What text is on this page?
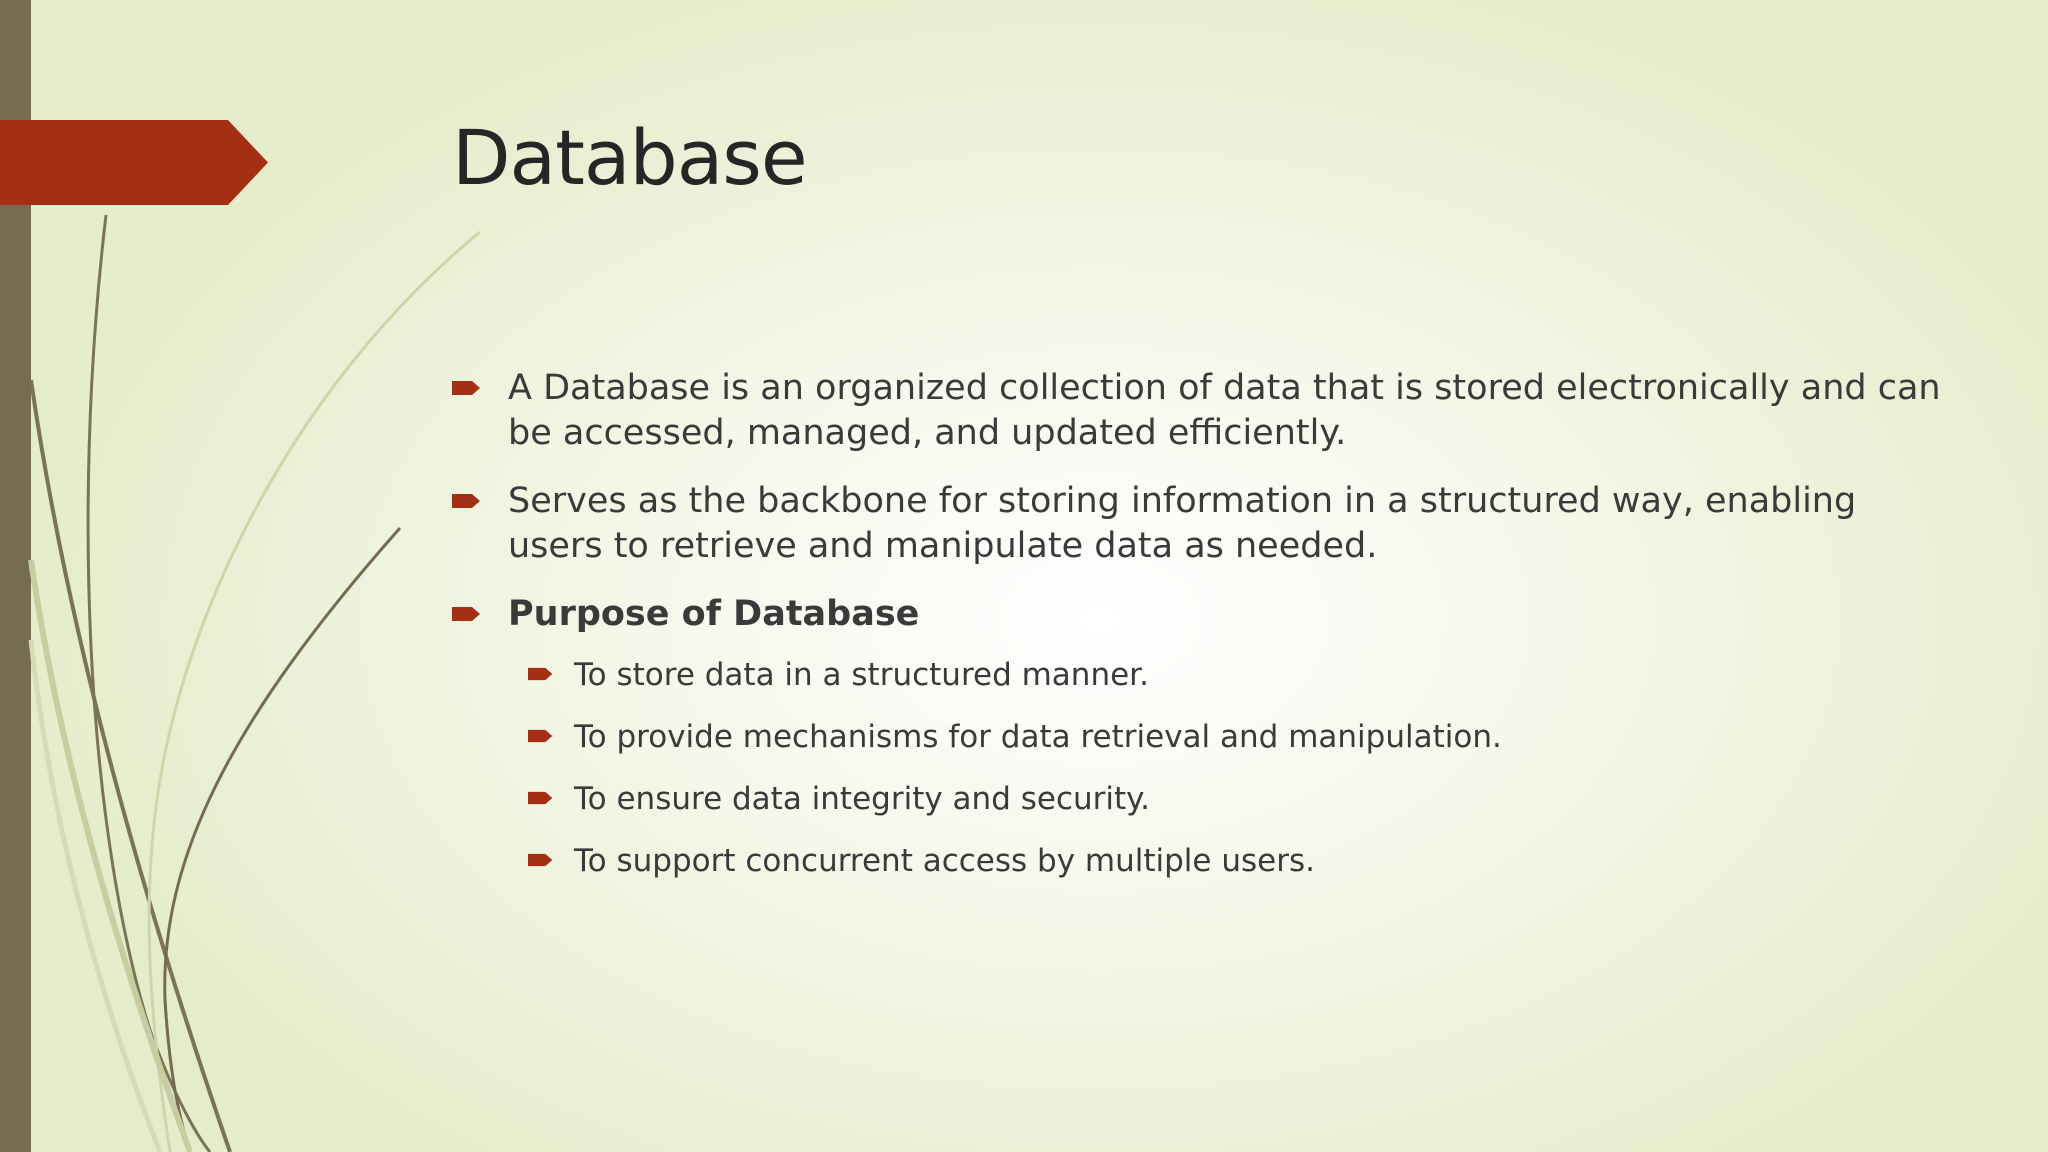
Database
A Database is an organized collection of data that is stored electronically and can be accessed, managed, and updated efficiently.
Serves as the backbone for storing information in a structured way, enabling users to retrieve and manipulate data as needed.
Purpose of Database
To store data in a structured manner.
To provide mechanisms for data retrieval and manipulation.
To ensure data integrity and security.
To support concurrent access by multiple users.
